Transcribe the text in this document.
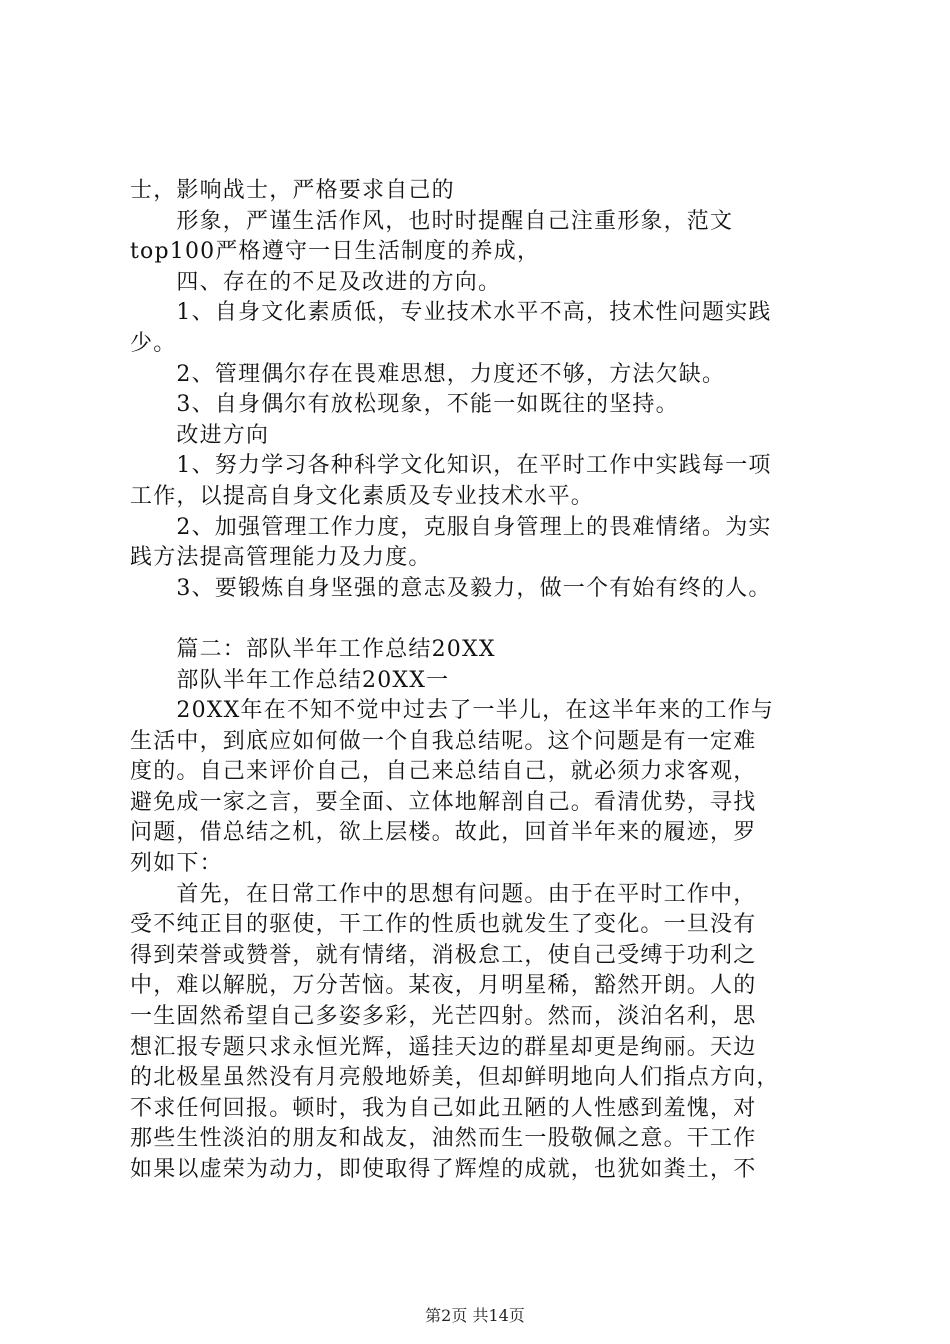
士，影响战士，严格要求自己的
　　形象，严谨生活作风，也时时提醒自己注重形象，范文
top100严格遵守一日生活制度的养成，
　　四、存在的不足及改进的方向。
　　1、自身文化素质低，专业技术水平不高，技术性问题实践
少。
　　2、管理偶尔存在畏难思想，力度还不够，方法欠缺。
　　3、自身偶尔有放松现象，不能一如既往的坚持。
　　改进方向
　　1、努力学习各种科学文化知识，在平时工作中实践每一项
工作，以提高自身文化素质及专业技术水平。
　　2、加强管理工作力度，克服自身管理上的畏难情绪。为实
践方法提高管理能力及力度。
　　3、要锻炼自身坚强的意志及毅力，做一个有始有终的人。
　　篇二：部队半年工作总结20XX
　　部队半年工作总结20XX一
　　20XX年在不知不觉中过去了一半儿，在这半年来的工作与
生活中，到底应如何做一个自我总结呢。这个问题是有一定难
度的。自己来评价自己，自己来总结自己，就必须力求客观，
避免成一家之言，要全面、立体地解剖自己。看清优势，寻找
问题，借总结之机，欲上层楼。故此，回首半年来的履迹，罗
列如下：
　　首先，在日常工作中的思想有问题。由于在平时工作中，
受不纯正目的驱使，干工作的性质也就发生了变化。一旦没有
得到荣誉或赞誉，就有情绪，消极怠工，使自己受缚于功利之
中，难以解脱，万分苦恼。某夜，月明星稀，豁然开朗。人的
一生固然希望自己多姿多彩，光芒四射。然而，淡泊名利，思
想汇报专题只求永恒光辉，遥挂天边的群星却更是绚丽。天边
的北极星虽然没有月亮般地娇美，但却鲜明地向人们指点方向，
不求任何回报。顿时，我为自己如此丑陋的人性感到羞愧，对
那些生性淡泊的朋友和战友，油然而生一股敬佩之意。干工作
如果以虚荣为动力，即使取得了辉煌的成就，也犹如粪土，不
第2页 共14页
